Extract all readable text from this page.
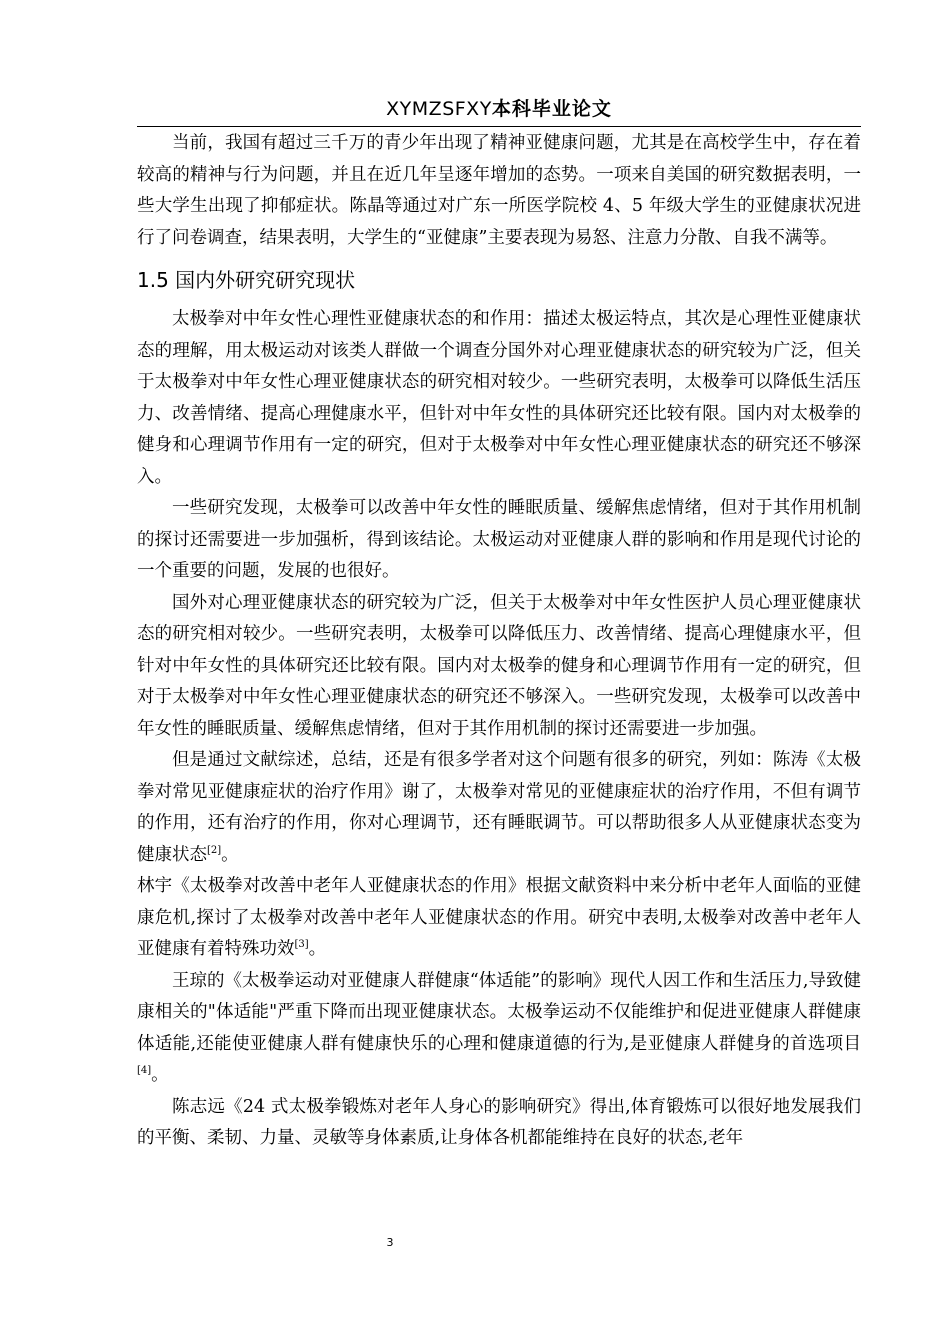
XYMZSFXY本科毕业论文

当前，我国有超过三千万的青少年出现了精神亚健康问题，尤其是在高校学生中，存在着较高的精神与行为问题，并且在近几年呈逐年增加的态势。一项来自美国的研究数据表明，一些大学生出现了抑郁症状。陈晶等通过对广东一所医学院校 4、5 年级大学生的亚健康状况进行了问卷调查，结果表明，大学生的“亚健康”主要表现为易怒、注意力分散、自我不满等。

1.5 国内外研究研究现状

太极拳对中年女性心理性亚健康状态的和作用：描述太极运特点，其次是心理性亚健康状态的理解，用太极运动对该类人群做一个调查分国外对心理亚健康状态的研究较为广泛，但关于太极拳对中年女性心理亚健康状态的研究相对较少。一些研究表明，太极拳可以降低生活压力、改善情绪、提高心理健康水平，但针对中年女性的具体研究还比较有限。国内对太极拳的健身和心理调节作用有一定的研究，但对于太极拳对中年女性心理亚健康状态的研究还不够深入。

一些研究发现，太极拳可以改善中年女性的睡眠质量、缓解焦虑情绪，但对于其作用机制的探讨还需要进一步加强析，得到该结论。太极运动对亚健康人群的影响和作用是现代讨论的一个重要的问题，发展的也很好。

国外对心理亚健康状态的研究较为广泛，但关于太极拳对中年女性医护人员心理亚健康状态的研究相对较少。一些研究表明，太极拳可以降低压力、改善情绪、提高心理健康水平，但针对中年女性的具体研究还比较有限。国内对太极拳的健身和心理调节作用有一定的研究，但对于太极拳对中年女性心理亚健康状态的研究还不够深入。一些研究发现，太极拳可以改善中年女性的睡眠质量、缓解焦虑情绪，但对于其作用机制的探讨还需要进一步加强。

但是通过文献综述，总结，还是有很多学者对这个问题有很多的研究，列如：陈涛《太极拳对常见亚健康症状的治疗作用》谢了，太极拳对常见的亚健康症状的治疗作用，不但有调节的作用，还有治疗的作用，你对心理调节，还有睡眠调节。可以帮助很多人从亚健康状态变为健康状态[2]。

林宇《太极拳对改善中老年人亚健康状态的作用》根据文献资料中来分析中老年人面临的亚健康危机,探讨了太极拳对改善中老年人亚健康状态的作用。研究中表明,太极拳对改善中老年人亚健康有着特殊功效[3]。

王琼的《太极拳运动对亚健康人群健康“体适能”的影响》现代人因工作和生活压力,导致健康相关的"体适能"严重下降而出现亚健康状态。太极拳运动不仅能维护和促进亚健康人群健康体适能,还能使亚健康人群有健康快乐的心理和健康道德的行为,是亚健康人群健身的首选项目[4]。

陈志远《24 式太极拳锻炼对老年人身心的影响研究》得出,体育锻炼可以很好地发展我们的平衡、柔韧、力量、灵敏等身体素质,让身体各机都能维持在良好的状态,老年

3
